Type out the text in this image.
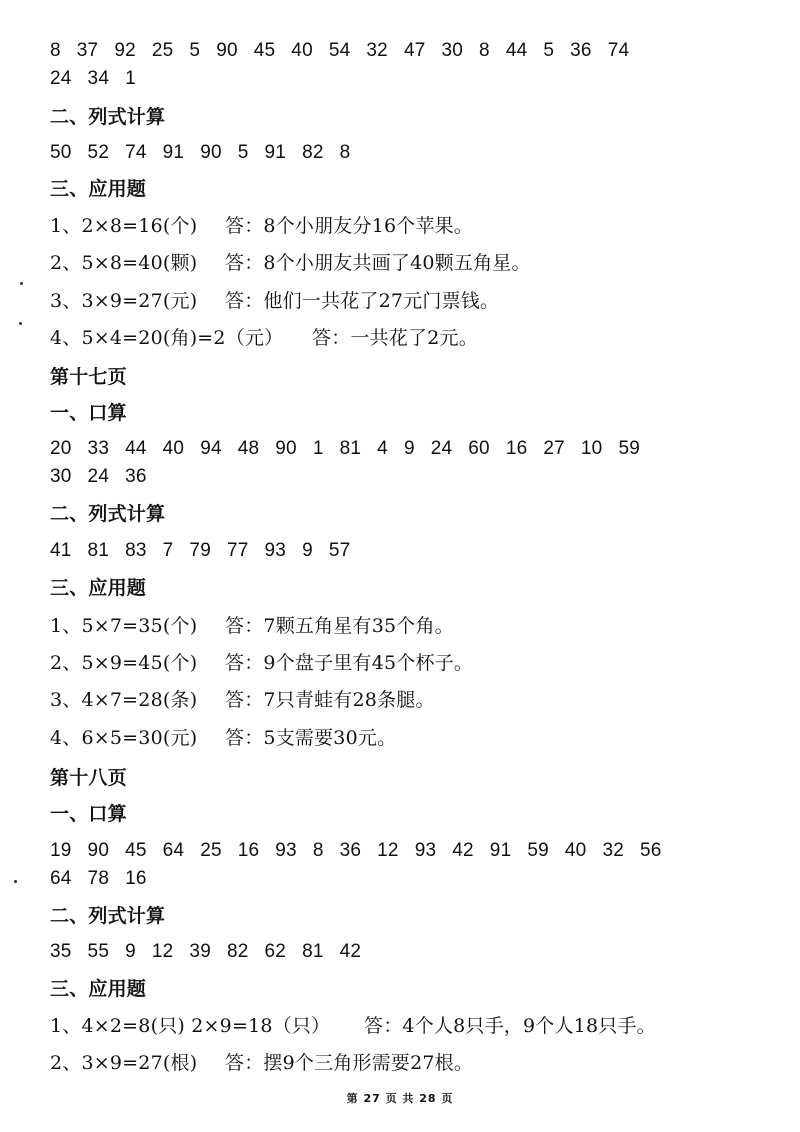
8 37 92 25 5 90 45 40 54 32 47 30 8 44 5 36 74
24 34 1
二、列式计算
50 52 74 91 90 5 91 82 8
三、应用题
1、2×8=16(个) 答：8个小朋友分16个苹果。
2、5×8=40(颗) 答：8个小朋友共画了40颗五角星。
3、3×9=27(元) 答：他们一共花了27元门票钱。
4、5×4=20(角)=2（元） 答：一共花了2元。
第十七页
一、口算
20 33 44 40 94 48 90 1 81 4 9 24 60 16 27 10 59
30 24 36
二、列式计算
41 81 83 7 79 77 93 9 57
三、应用题
1、5×7=35(个) 答：7颗五角星有35个角。
2、5×9=45(个) 答：9个盘子里有45个杯子。
3、4×7=28(条) 答：7只青蛙有28条腿。
4、6×5=30(元) 答：5支需要30元。
第十八页
一、口算
19 90 45 64 25 16 93 8 36 12 93 42 91 59 40 32 56
64 78 16
二、列式计算
35 55 9 12 39 82 62 81 42
三、应用题
1、4×2=8(只) 2×9=18（只） 答：4个人8只手，9个人18只手。
2、3×9=27(根) 答：摆9个三角形需要27根。
第 27 页 共 28 页
